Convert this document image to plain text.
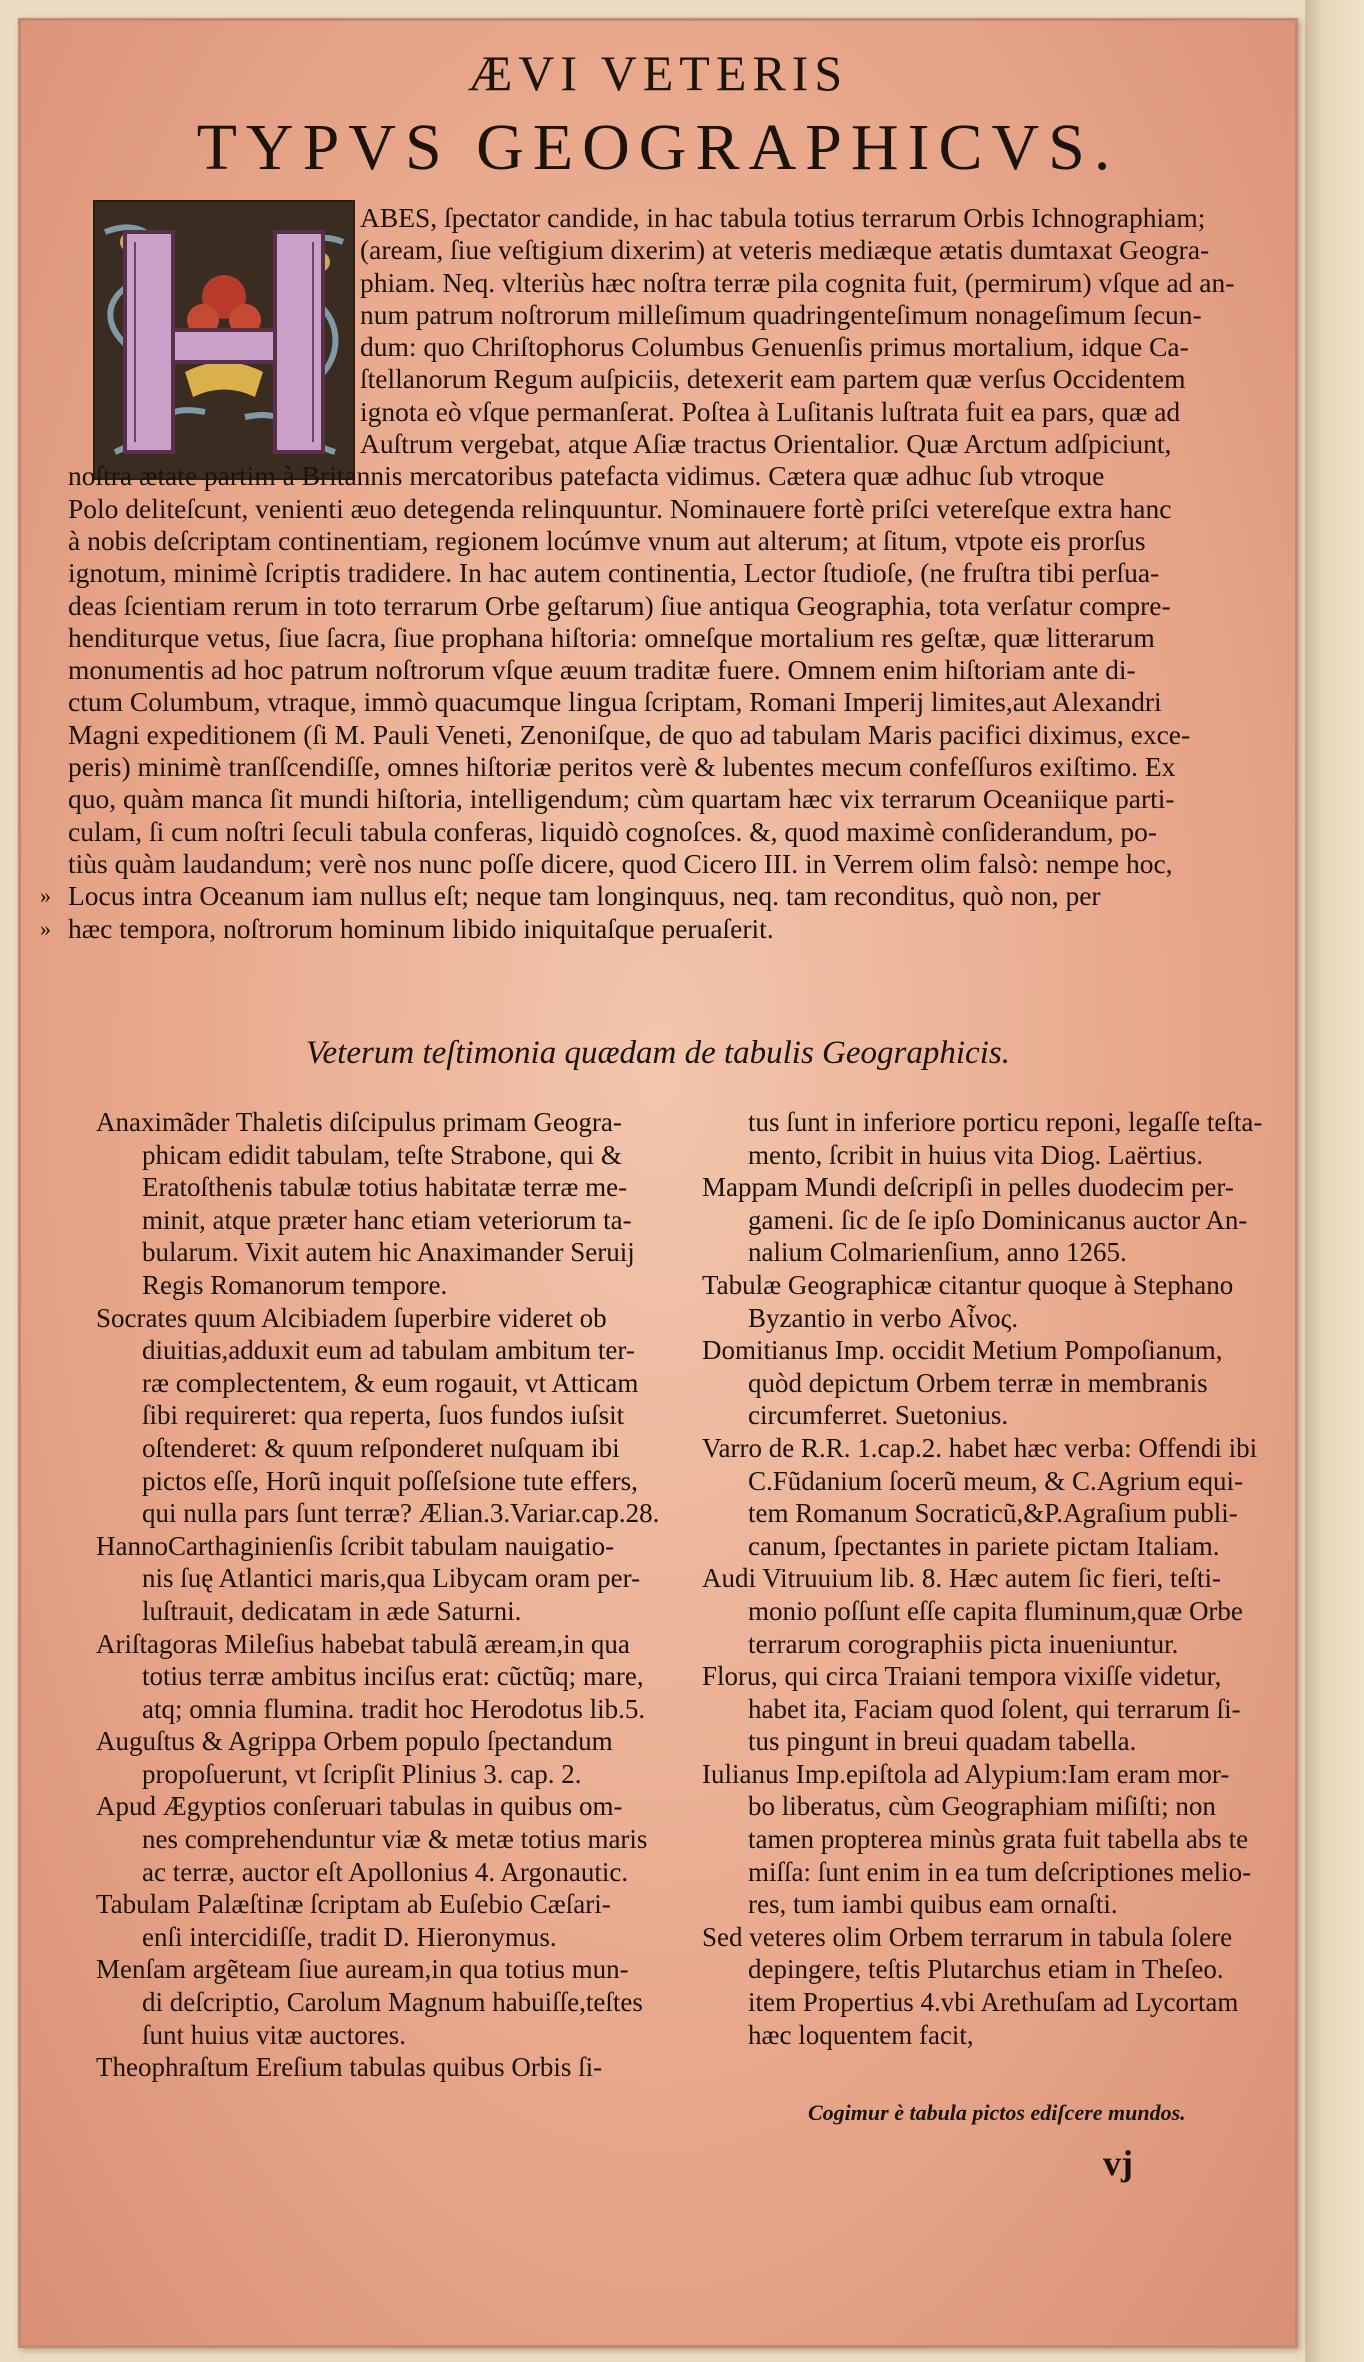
ÆVI VETERIS
TYPVS GEOGRAPHICVS.
ABES, ſpectator candide, in hac tabula totius terrarum Orbis Ichnographiam;
(aream, ſiue veſtigium dixerim) at veteris mediæque ætatis dumtaxat Geogra-
phiam. Neq. vlteriùs hæc noſtra terræ pila cognita fuit, (permirum) vſque ad an-
num patrum noſtrorum milleſimum quadringenteſimum nonageſimum ſecun-
dum: quo Chriſtophorus Columbus Genuenſis primus mortalium, idque Ca-
ſtellanorum Regum auſpiciis, detexerit eam partem quæ verſus Occidentem
ignota eò vſque permanſerat. Poſtea à Luſitanis luſtrata fuit ea pars, quæ ad
Auſtrum vergebat, atque Aſiæ tractus Orientalior. Quæ Arctum adſpiciunt,
noſtra ætate partim à Britannis mercatoribus patefacta vidimus. Cætera quæ adhuc ſub vtroque
Polo deliteſcunt, venienti æuo detegenda relinquuntur. Nominauere fortè priſci vetereſque extra hanc
à nobis deſcriptam continentiam, regionem locúmve vnum aut alterum; at ſitum, vtpote eis prorſus
ignotum, minimè ſcriptis tradidere. In hac autem continentia, Lector ſtudioſe, (ne fruſtra tibi perſua-
deas ſcientiam rerum in toto terrarum Orbe geſtarum) ſiue antiqua Geographia, tota verſatur compre-
henditurque vetus, ſiue ſacra, ſiue prophana hiſtoria: omneſque mortalium res geſtæ, quæ litterarum
monumentis ad hoc patrum noſtrorum vſque æuum traditæ fuere. Omnem enim hiſtoriam ante di-
ctum Columbum, vtraque, immò quacumque lingua ſcriptam, Romani Imperij limites,aut Alexandri
Magni expeditionem (ſi M. Pauli Veneti, Zenoniſque, de quo ad tabulam Maris pacifici diximus, exce-
peris) minimè tranſſcendiſſe, omnes hiſtoriæ peritos verè & lubentes mecum confeſſuros exiſtimo. Ex
quo, quàm manca ſit mundi hiſtoria, intelligendum; cùm quartam hæc vix terrarum Oceaniique parti-
culam, ſi cum noſtri ſeculi tabula conferas, liquidò cognoſces. &, quod maximè conſiderandum, po-
tiùs quàm laudandum; verè nos nunc poſſe dicere, quod Cicero III. in Verrem olim falsò: nempe hoc,
» Locus intra Oceanum iam nullus eſt; neque tam longinquus, neq. tam reconditus, quò non, per
» hæc tempora, noſtrorum hominum libido iniquitaſque peruaſerit.
Veterum teſtimonia quædam de tabulis Geographicis.
Anaximãder Thaletis diſcipulus primam Geogra-
phicam edidit tabulam, teſte Strabone, qui &
Eratoſthenis tabulæ totius habitatæ terræ me-
minit, atque præter hanc etiam veteriorum ta-
bularum. Vixit autem hic Anaximander Seruij
Regis Romanorum tempore.
Socrates quum Alcibiadem ſuperbire videret ob
diuitias,adduxit eum ad tabulam ambitum ter-
ræ complectentem, & eum rogauit, vt Atticam
ſibi requireret: qua reperta, ſuos fundos iuſsit
oſtenderet: & quum reſponderet nuſquam ibi
pictos eſſe, Horũ inquit poſſeſsione tute effers,
qui nulla pars ſunt terræ? Ælian.3.Variar.cap.28.
HannoCarthaginienſis ſcribit tabulam nauigatio-
nis ſuę Atlantici maris,qua Libycam oram per-
luſtrauit, dedicatam in æde Saturni.
Ariſtagoras Mileſius habebat tabulã æream,in qua
totius terræ ambitus inciſus erat: cũctũq; mare,
atq; omnia flumina. tradit hoc Herodotus lib.5.
Auguſtus & Agrippa Orbem populo ſpectandum
propoſuerunt, vt ſcripſit Plinius 3. cap. 2.
Apud Ægyptios conſeruari tabulas in quibus om-
nes comprehenduntur viæ & metæ totius maris
ac terræ, auctor eſt Apollonius 4. Argonautic.
Tabulam Palæſtinæ ſcriptam ab Euſebio Cæſari-
enſi intercidiſſe, tradit D. Hieronymus.
Menſam argẽteam ſiue auream,in qua totius mun-
di deſcriptio, Carolum Magnum habuiſſe,teſtes
ſunt huius vitæ auctores.
Theophraſtum Ereſium tabulas quibus Orbis ſi-
tus ſunt in inferiore porticu reponi, legaſſe teſta-
mento, ſcribit in huius vita Diog. Laërtius.
Mappam Mundi deſcripſi in pelles duodecim per-
gameni. ſic de ſe ipſo Dominicanus auctor An-
nalium Colmarienſium, anno 1265.
Tabulæ Geographicæ citantur quoque à Stephano
Byzantio in verbo Αἶνος.
Domitianus Imp. occidit Metium Pompoſianum,
quòd depictum Orbem terræ in membranis
circumferret. Suetonius.
Varro de R.R. 1.cap.2. habet hæc verba: Offendi ibi
C.Fũdanium ſocerũ meum, & C.Agrium equi-
tem Romanum Socraticũ,&P.Agraſium publi-
canum, ſpectantes in pariete pictam Italiam.
Audi Vitruuium lib. 8. Hæc autem ſic fieri, teſti-
monio poſſunt eſſe capita fluminum,quæ Orbe
terrarum corographiis picta inueniuntur.
Florus, qui circa Traiani tempora vixiſſe videtur,
habet ita, Faciam quod ſolent, qui terrarum ſi-
tus pingunt in breui quadam tabella.
Iulianus Imp.epiſtola ad Alypium:Iam eram mor-
bo liberatus, cùm Geographiam miſiſti; non
tamen propterea minùs grata fuit tabella abs te
miſſa: ſunt enim in ea tum deſcriptiones melio-
res, tum iambi quibus eam ornaſti.
Sed veteres olim Orbem terrarum in tabula ſolere
depingere, teſtis Plutarchus etiam in Theſeo.
item Propertius 4.vbi Arethuſam ad Lycortam
hæc loquentem facit,
Cogimur è tabula pictos ediſcere mundos.
vj
